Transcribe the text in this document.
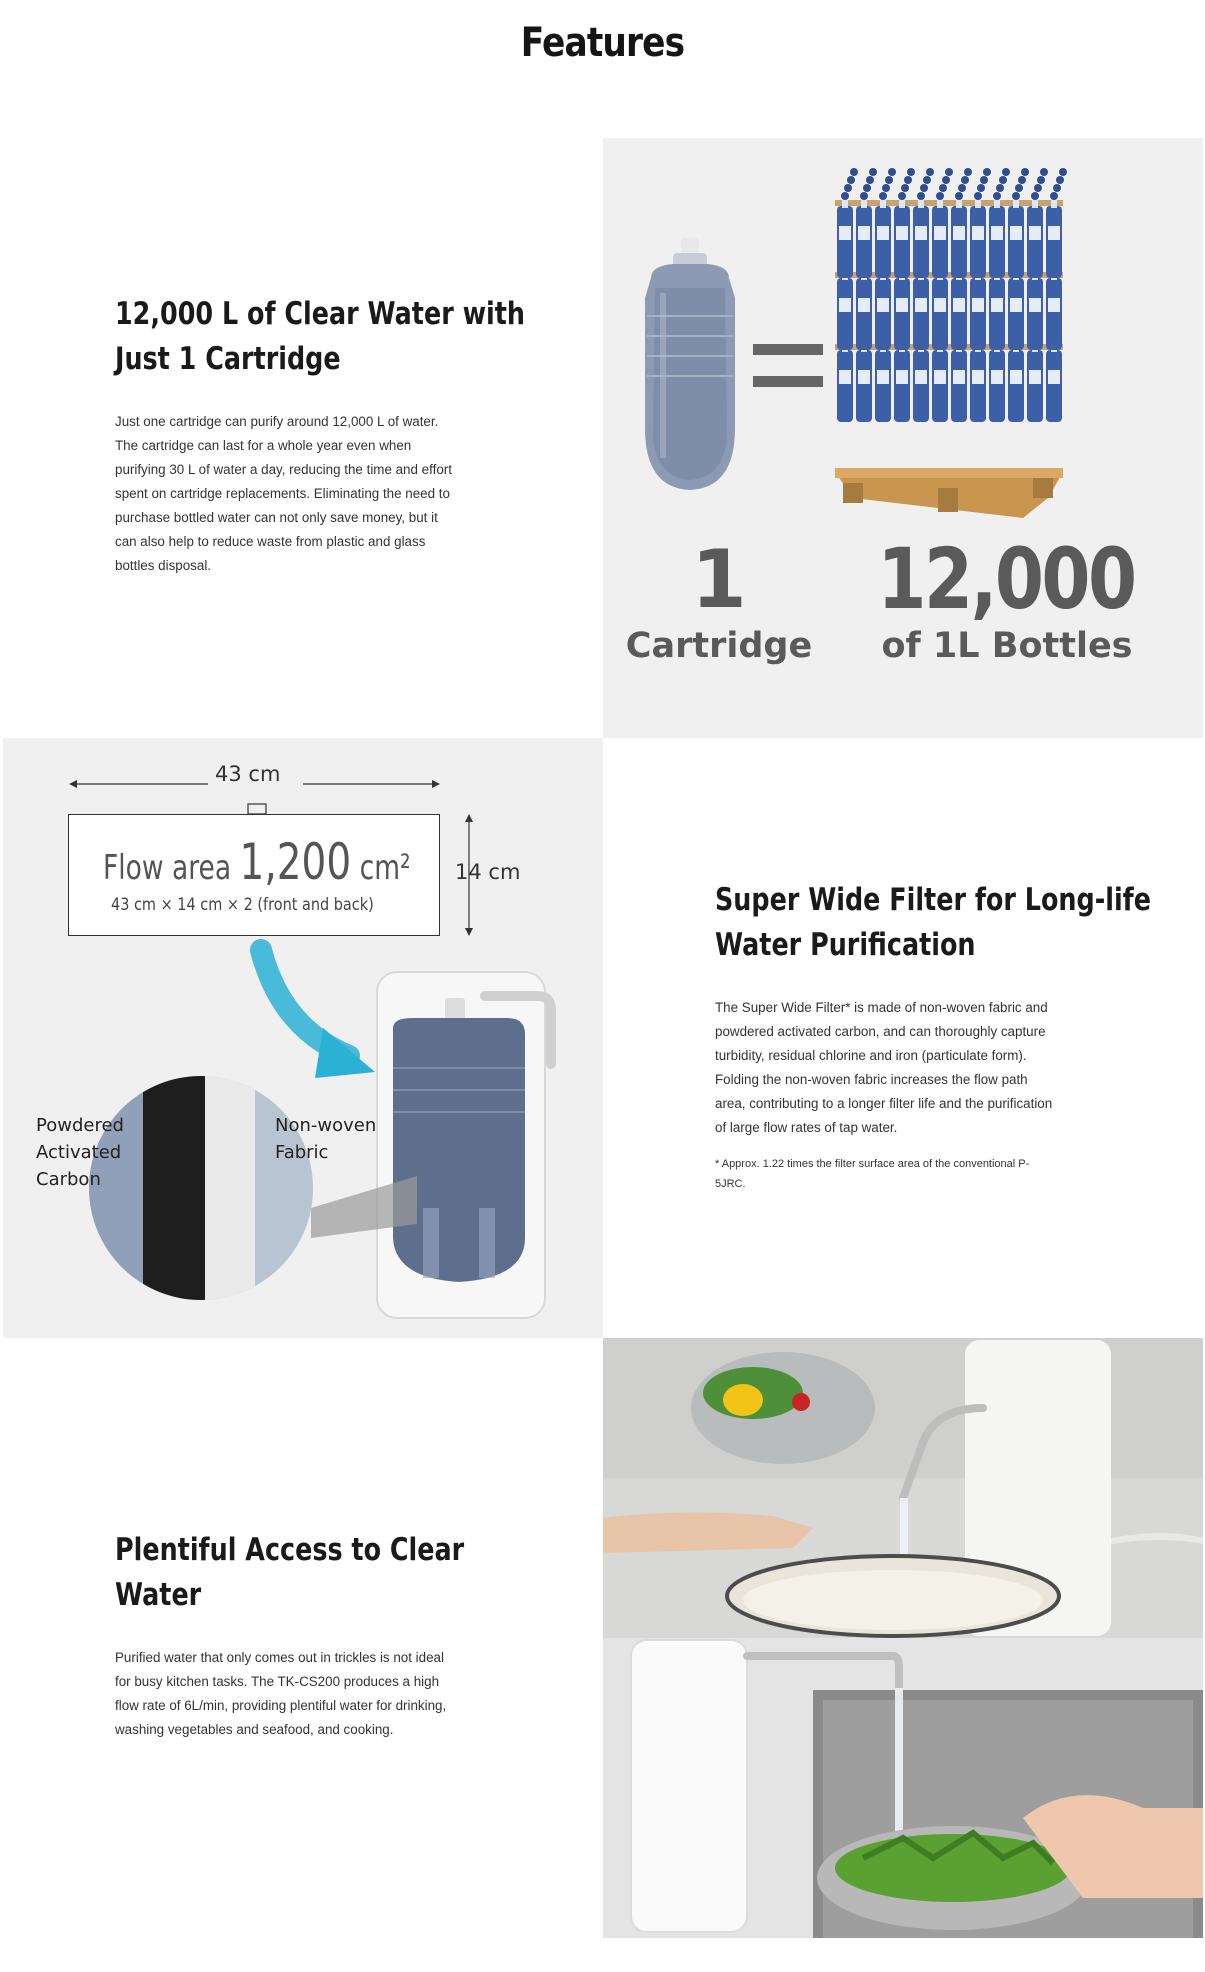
Features
12,000 L of Clear Water with
Just 1 Cartridge
Just one cartridge can purify around 12,000 L of water.
The cartridge can last for a whole year even when
purifying 30 L of water a day, reducing the time and effort
spent on cartridge replacements. Eliminating the need to
purchase bottled water can not only save money, but it
can also help to reduce waste from plastic and glass
bottles disposal.	1
Cartridge
12,000
of 1L Bottles
43 cm
14 cm
Flow area 1,200 cm²
43 cm × 14 cm × 2 (front and back)
Powdered
Activated
Carbon
Non-woven
Fabric
Super Wide Filter for Long-life
Water Purification
The Super Wide Filter* is made of non-woven fabric and
powdered activated carbon, and can thoroughly capture
turbidity, residual chlorine and iron (particulate form).
Folding the non-woven fabric increases the flow path
area, contributing to a longer filter life and the purification
of large flow rates of tap water.
* Approx. 1.22 times the filter surface area of the conventional P-
5JRC.
Plentiful Access to Clear
Water
Purified water that only comes out in trickles is not ideal
for busy kitchen tasks. The TK-CS200 produces a high
flow rate of 6L/min, providing plentiful water for drinking,
washing vegetables and seafood, and cooking.
